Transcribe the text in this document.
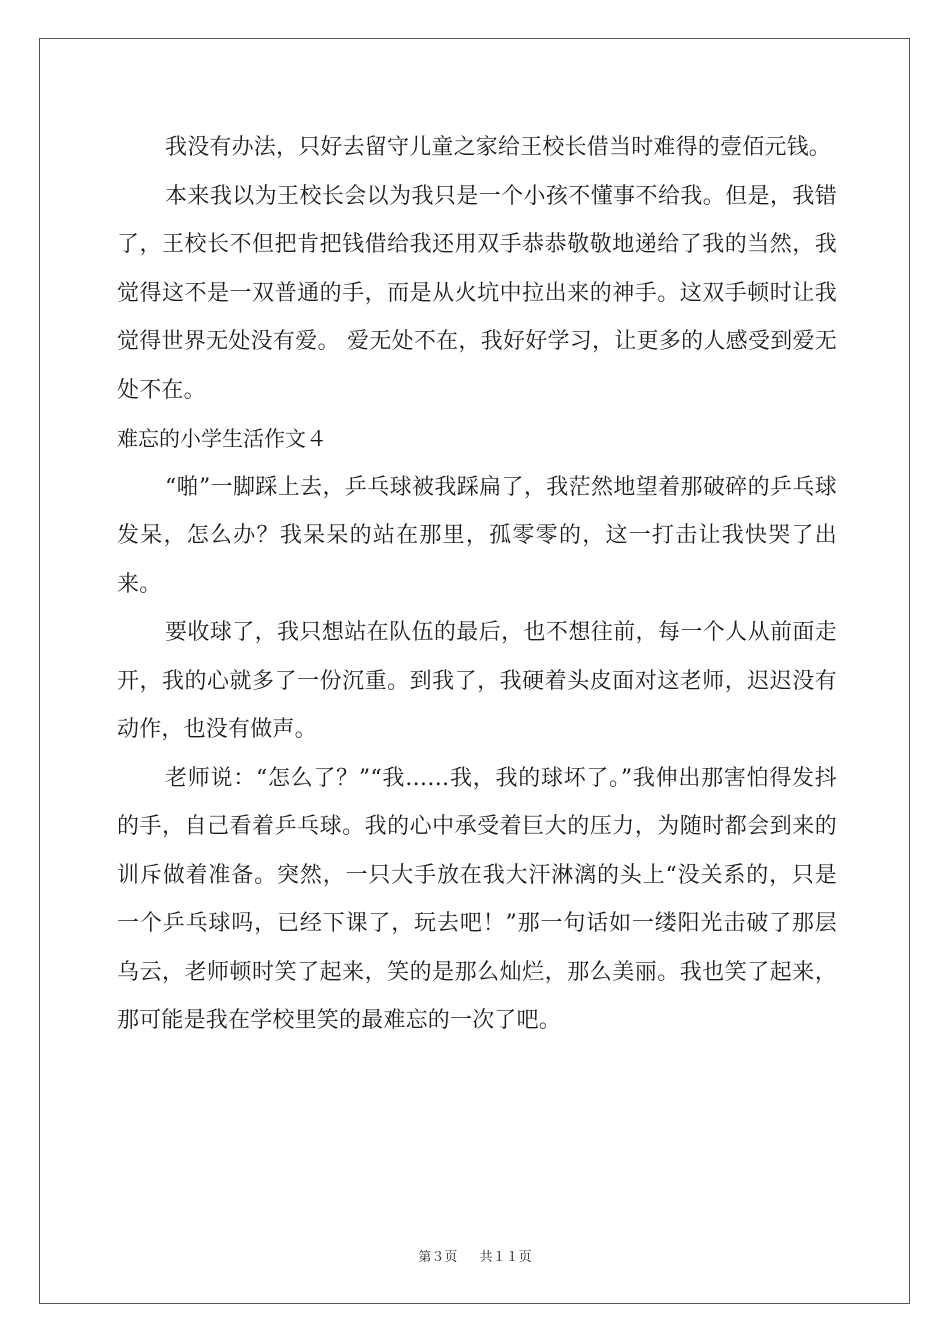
我没有办法，只好去留守儿童之家给王校长借当时难得的壹佰元钱。

本来我以为王校长会以为我只是一个小孩不懂事不给我。但是，我错了，王校长不但把肯把钱借给我还用双手恭恭敬敬地递给了我的当然，我觉得这不是一双普通的手，而是从火坑中拉出来的神手。这双手顿时让我觉得世界无处没有爱。 爱无处不在，我好好学习，让更多的人感受到爱无处不在。

难忘的小学生活作文４

“啪”一脚踩上去，乒乓球被我踩扁了，我茫然地望着那破碎的乒乓球发呆，怎么办？我呆呆的站在那里，孤零零的，这一打击让我快哭了出来。

要收球了，我只想站在队伍的最后，也不想往前，每一个人从前面走开，我的心就多了一份沉重。到我了，我硬着头皮面对这老师，迟迟没有动作，也没有做声。

老师说：“怎么了？”“我……我，我的球坏了。”我伸出那害怕得发抖的手，自己看着乒乓球。我的心中承受着巨大的压力，为随时都会到来的训斥做着准备。突然，一只大手放在我大汗淋漓的头上“没关系的，只是一个乒乓球吗，已经下课了，玩去吧！”那一句话如一缕阳光击破了那层乌云，老师顿时笑了起来，笑的是那么灿烂，那么美丽。我也笑了起来，那可能是我在学校里笑的最难忘的一次了吧。

第３页 共１１页
